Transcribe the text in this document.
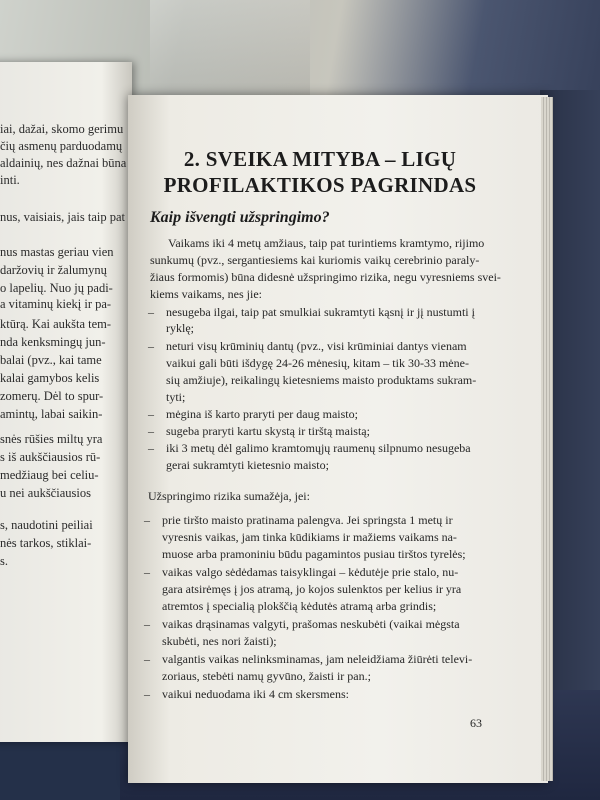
iai, dažai, skomo gerimu
čių asmenų parduodamų
aldainių, nes dažnai būna
inti.
nus, vaisiais, jais taip pat
nus mastas geriau vien
daržovių ir žalumynų
o lapelių. Nuo jų padi-
a vitaminų kiekį ir pa-
ktūrą. Kai aukšta tem-
nda kenksmingų jun-
balai (pvz., kai tame
kalai gamybos kelis
zomerų. Dėl to spur-
amintų, labai saikin-
snės rūšies miltų yra
s iš aukščiausios rū-
medžiaug bei celiu-
u nei aukščiausios
s, naudotini peiliai
nės tarkos, stiklai-
s.
2. SVEIKA MITYBA – LIGŲ
PROFILAKTIKOS PAGRINDAS
Kaip išvengti užspringimo?
Vaikams iki 4 metų amžiaus, taip pat turintiems kramtymo, rijimo
sunkumų (pvz., sergantiesiems kai kuriomis vaikų cerebrinio paraly-
žiaus formomis) būna didesnė užspringimo rizika, negu vyresniems svei-
kiems vaikams, nes jie:
– nesugeba ilgai, taip pat smulkiai sukramtyti kąsnį ir jį nustumti į
ryklę;
– neturi visų krūminių dantų (pvz., visi krūminiai dantys vienam
vaikui gali būti išdygę 24-26 mėnesių, kitam – tik 30-33 mėne-
sių amžiuje), reikalingų kietesniems maisto produktams sukram-
tyti;
– mėgina iš karto praryti per daug maisto;
– sugeba praryti kartu skystą ir tirštą maistą;
– iki 3 metų dėl galimo kramtomųjų raumenų silpnumo nesugeba
gerai sukramtyti kietesnio maisto;
Užspringimo rizika sumažėja, jei:
– prie tiršto maisto pratinama palengva. Jei springsta 1 metų ir
vyresnis vaikas, jam tinka kūdikiams ir mažiems vaikams na-
muose arba pramoniniu būdu pagamintos pusiau tirštos tyrelės;
– vaikas valgo sėdėdamas taisyklingai – kėdutėje prie stalo, nu-
gara atsirėmęs į jos atramą, jo kojos sulenktos per kelius ir yra
atremtos į specialią plokščią kėdutės atramą arba grindis;
– vaikas drąsinamas valgyti, prašomas neskubėti (vaikai mėgsta
skubėti, nes nori žaisti);
– valgantis vaikas nelinksminamas, jam neleidžiama žiūrėti televi-
zoriaus, stebėti namų gyvūno, žaisti ir pan.;
– vaikui neduodama iki 4 cm skersmens:
63
